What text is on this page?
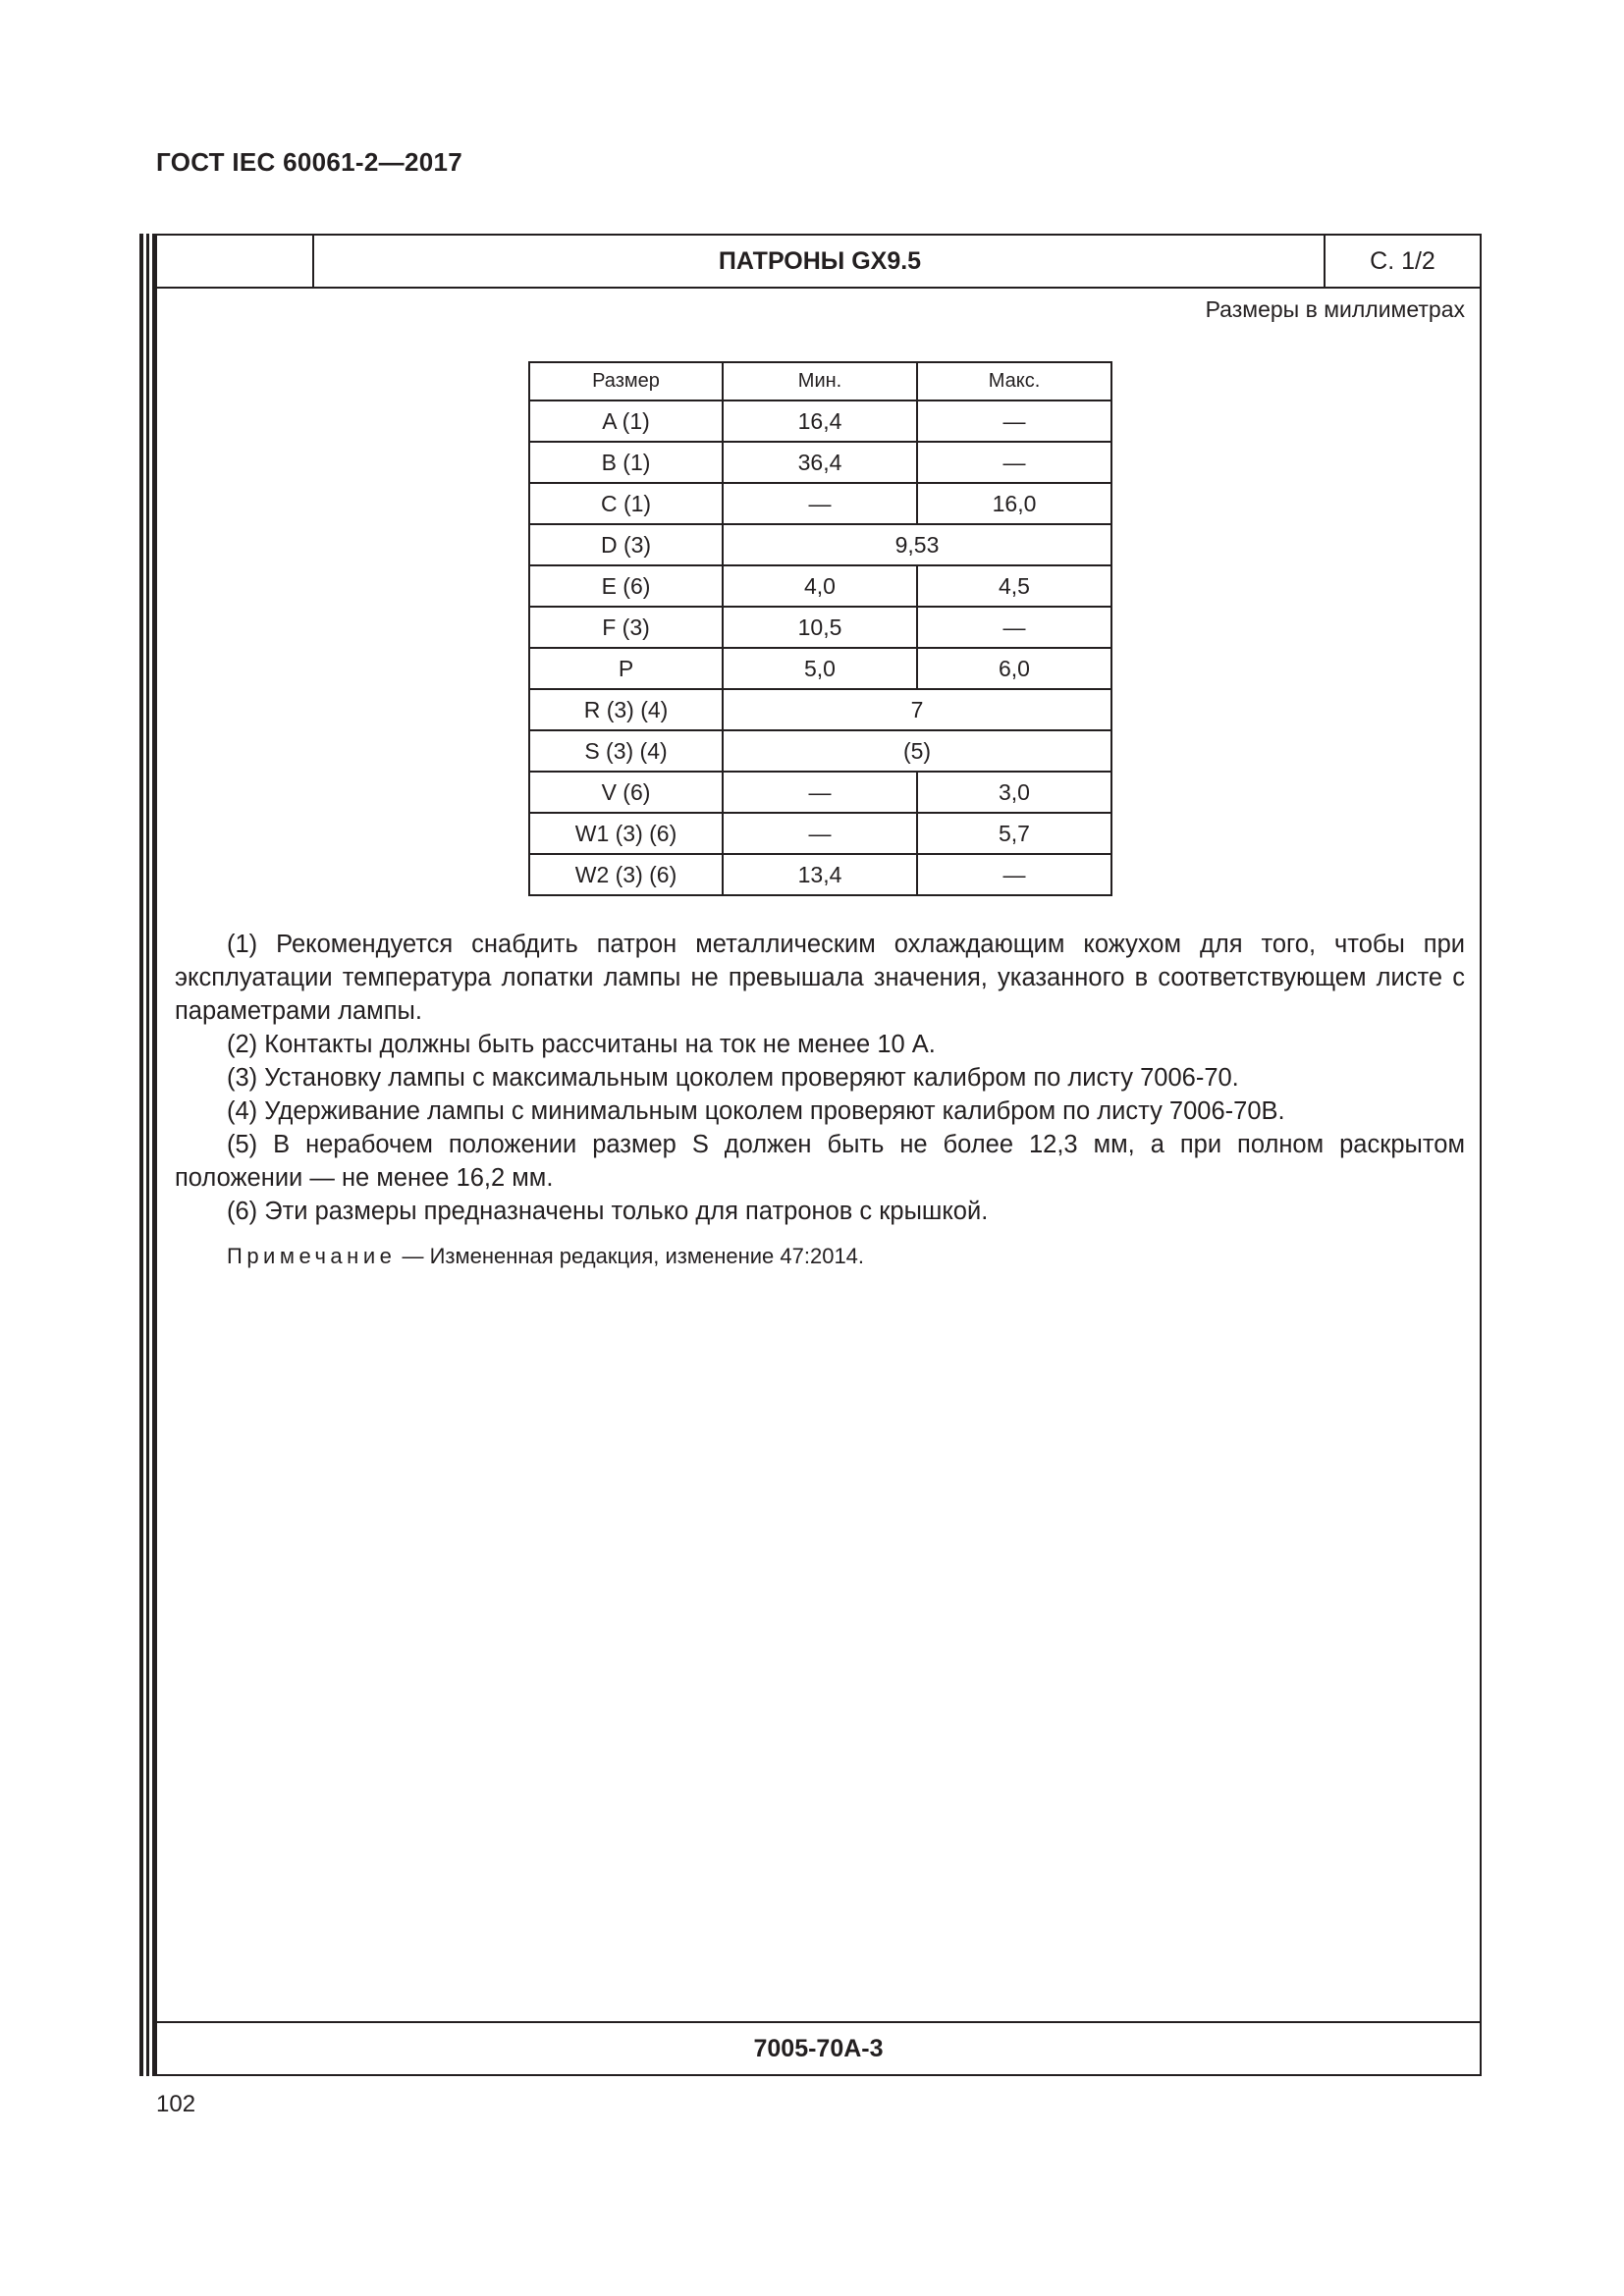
ГОСТ IEC 60061-2—2017
ПАТРОНЫ GX9.5	С. 1/2
Размеры в миллиметрах
Размер	Мин.	Макс.
A (1)	16,4	—
B (1)	36,4	—
C (1)	—	16,0
D (3)	9,53	
E (6)	4,0	4,5
F (3)	10,5	—
P	5,0	6,0
R (3) (4)	7	
S (3) (4)	(5)	
V (6)	—	3,0
W1 (3) (6)	—	5,7
W2 (3) (6)	13,4	—

(1) Рекомендуется снабдить патрон металлическим охлаждающим кожухом для того, чтобы при эксплуатации температура лопатки лампы не превышала значения, указанного в соответствующем листе с параметрами лампы.

(2) Контакты должны быть рассчитаны на ток не менее 10 А.

(3) Установку лампы с максимальным цоколем проверяют калибром по листу 7006-70.

(4) Удерживание лампы с минимальным цоколем проверяют калибром по листу 7006-70B.

(5) В нерабочем положении размер S должен быть не более 12,3 мм, а при полном раскрытом положении — не менее 16,2 мм.

(6) Эти размеры предназначены только для патронов с крышкой.

Примечание — Измененная редакция, изменение 47:2014.

7005-70А-3
102
